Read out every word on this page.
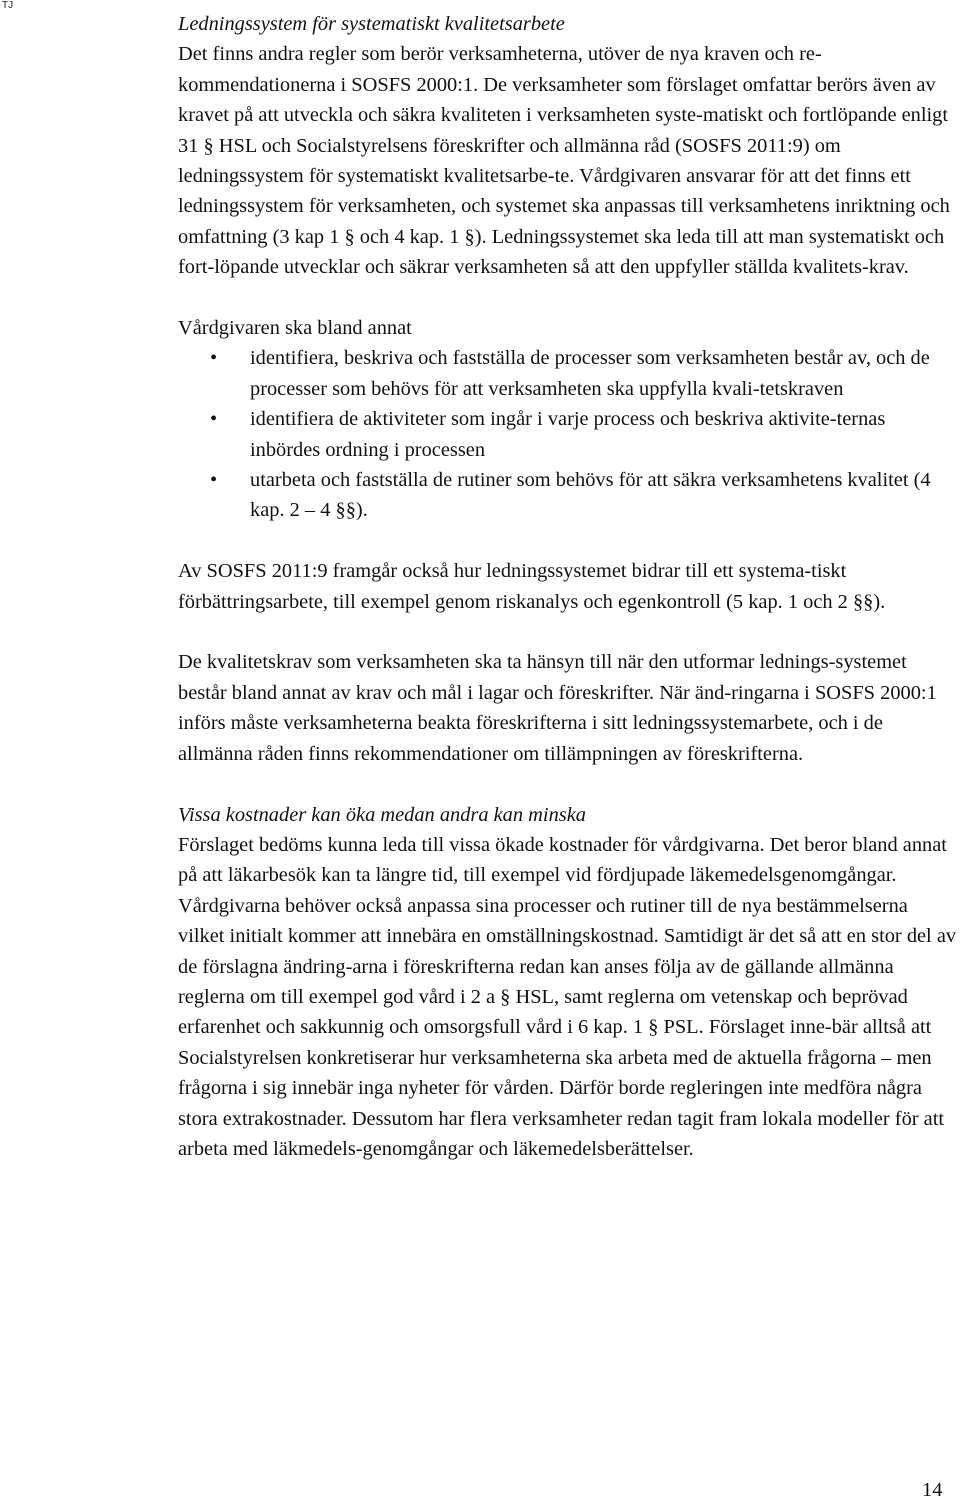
TJ

Ledningssystem för systematiskt kvalitetsarbete

Det finns andra regler som berör verksamheterna, utöver de nya kraven och re-kommendationerna i SOSFS 2000:1. De verksamheter som förslaget omfattar berörs även av kravet på att utveckla och säkra kvaliteten i verksamheten syste-matiskt och fortlöpande enligt 31 § HSL och Socialstyrelsens föreskrifter och allmänna råd (SOSFS 2011:9) om ledningssystem för systematiskt kvalitetsarbe-te. Vårdgivaren ansvarar för att det finns ett ledningssystem för verksamheten, och systemet ska anpassas till verksamhetens inriktning och omfattning (3 kap 1 § och 4 kap. 1 §). Ledningssystemet ska leda till att man systematiskt och fort-löpande utvecklar och säkrar verksamheten så att den uppfyller ställda kvalitets-krav.

Vårdgivaren ska bland annat

• identifiera, beskriva och fastställa de processer som verksamheten består av, och de processer som behövs för att verksamheten ska uppfylla kvali-tetskraven
• identifiera de aktiviteter som ingår i varje process och beskriva aktivite-ternas inbördes ordning i processen
• utarbeta och fastställa de rutiner som behövs för att säkra verksamhetens kvalitet (4 kap. 2 – 4 §§).

Av SOSFS 2011:9 framgår också hur ledningssystemet bidrar till ett systema-tiskt förbättringsarbete, till exempel genom riskanalys och egenkontroll (5 kap. 1 och 2 §§).

De kvalitetskrav som verksamheten ska ta hänsyn till när den utformar lednings-systemet består bland annat av krav och mål i lagar och föreskrifter. När änd-ringarna i SOSFS 2000:1 införs måste verksamheterna beakta föreskrifterna i sitt ledningssystemarbete, och i de allmänna råden finns rekommendationer om tillämpningen av föreskrifterna.

Vissa kostnader kan öka medan andra kan minska

Förslaget bedöms kunna leda till vissa ökade kostnader för vårdgivarna. Det beror bland annat på att läkarbesök kan ta längre tid, till exempel vid fördjupade läkemedelsgenomgångar. Vårdgivarna behöver också anpassa sina processer och rutiner till de nya bestämmelserna vilket initialt kommer att innebära en omställningskostnad. Samtidigt är det så att en stor del av de förslagna ändring-arna i föreskrifterna redan kan anses följa av de gällande allmänna reglerna om till exempel god vård i 2 a § HSL, samt reglerna om vetenskap och beprövad erfarenhet och sakkunnig och omsorgsfull vård i 6 kap. 1 § PSL. Förslaget inne-bär alltså att Socialstyrelsen konkretiserar hur verksamheterna ska arbeta med de aktuella frågorna – men frågorna i sig innebär inga nyheter för vården. Därför borde regleringen inte medföra några stora extrakostnader. Dessutom har flera verksamheter redan tagit fram lokala modeller för att arbeta med läkmedels-genomgångar och läkemedelsberättelser.

14
